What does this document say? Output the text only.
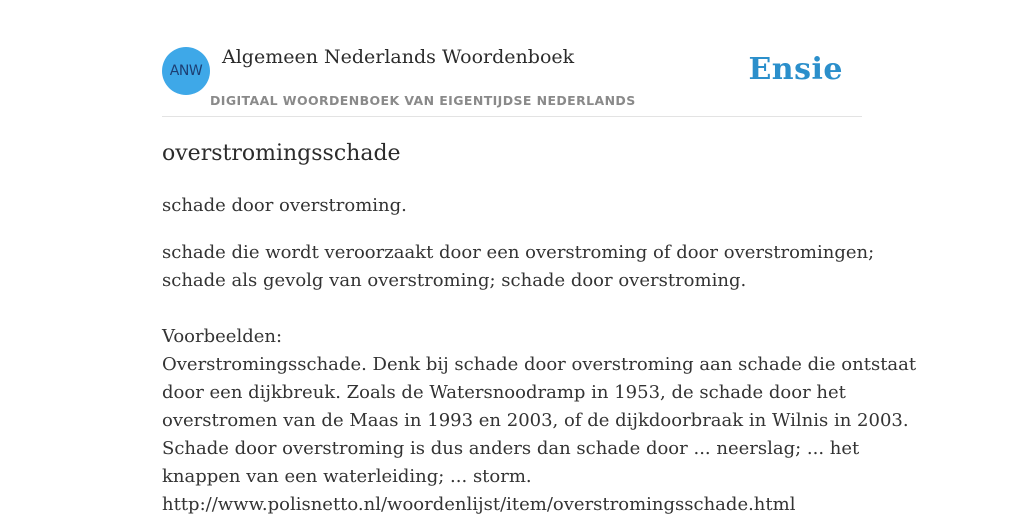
ANW
Algemeen Nederlands Woordenboek
DIGITAAL WOORDENBOEK VAN EIGENTIJDSE NEDERLANDS
Ensie
overstromingsschade
schade door overstroming.

schade die wordt veroorzaakt door een overstroming of door overstromingen;

schade als gevolg van overstroming; schade door overstroming.

Voorbeelden:

Overstromingsschade. Denk bij schade door overstroming aan schade die ontstaat

door een dijkbreuk. Zoals de Watersnoodramp in 1953, de schade door het

overstromen van de Maas in 1993 en 2003, of de dijkdoorbraak in Wilnis in 2003.

Schade door overstroming is dus anders dan schade door ... neerslag; ... het

knappen van een waterleiding; ... storm.

http://www.polisnetto.nl/woordenlijst/item/overstromingsschade.html
